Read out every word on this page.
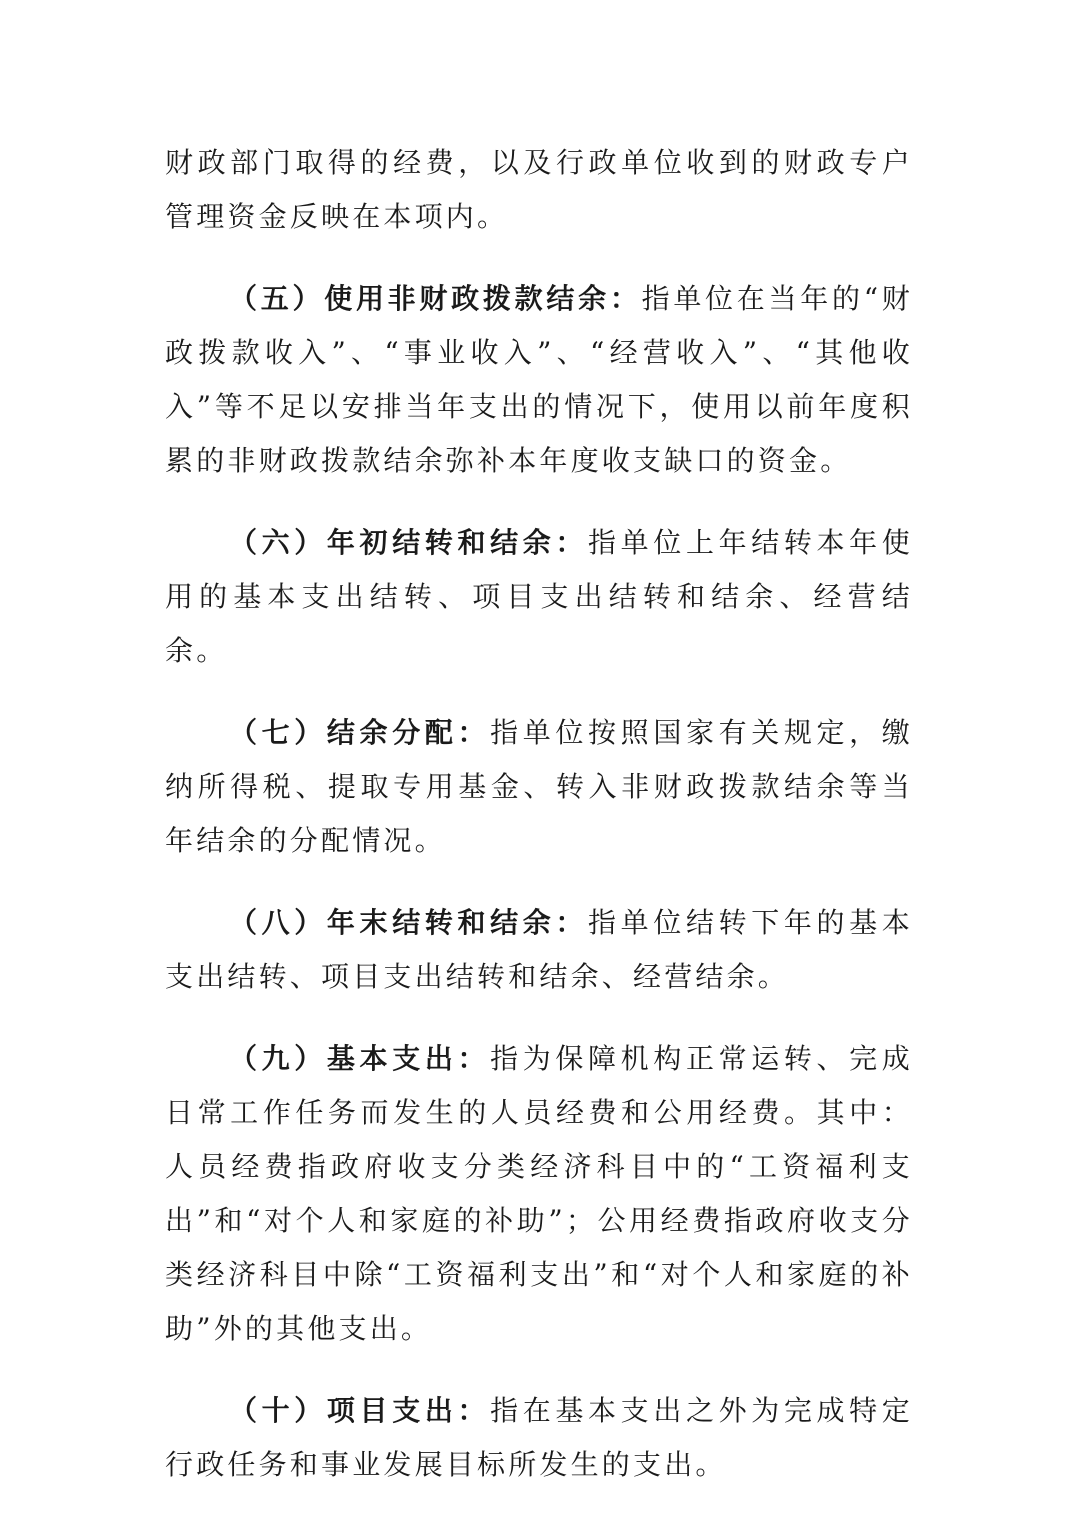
财政部门取得的经费，以及行政单位收到的财政专户管理资金反映在本项内。

（五）使用非财政拨款结余：指单位在当年的“财政拨款收入”、“事业收入”、“经营收入”、“其他收入”等不足以安排当年支出的情况下，使用以前年度积累的非财政拨款结余弥补本年度收支缺口的资金。

（六）年初结转和结余：指单位上年结转本年使用的基本支出结转、项目支出结转和结余、经营结余。

（七）结余分配：指单位按照国家有关规定，缴纳所得税、提取专用基金、转入非财政拨款结余等当年结余的分配情况。

（八）年末结转和结余：指单位结转下年的基本支出结转、项目支出结转和结余、经营结余。

（九）基本支出：指为保障机构正常运转、完成日常工作任务而发生的人员经费和公用经费。其中：人员经费指政府收支分类经济科目中的“工资福利支出”和“对个人和家庭的补助”；公用经费指政府收支分类经济科目中除“工资福利支出”和“对个人和家庭的补助”外的其他支出。

（十）项目支出：指在基本支出之外为完成特定行政任务和事业发展目标所发生的支出。
